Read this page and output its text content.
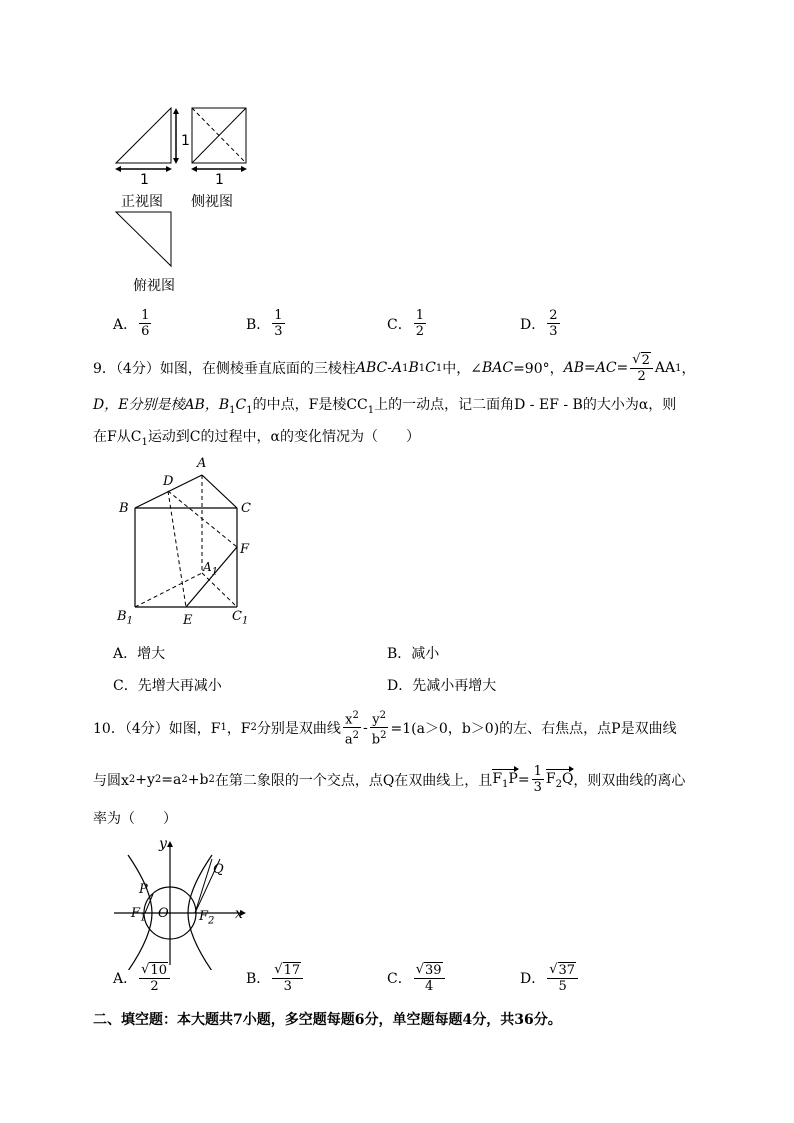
1
1
1
正视图 侧视图
俯视图
A． $\frac{1}{6}$	B． $\frac{1}{3}$	C． $\frac{1}{2}$	D． $\frac{2}{3}$
9．（4分）如图，在侧棱垂直底面的三棱柱 ABC - A 1 B 1 C 1 中，∠ BAC =90°， $AB=AC= \frac{√ 2}{2}$ AA 1 ，
D，E分别是棱AB，$B_1C_1$的中点，F是棱$CC_1$上的一动点，记二面角D - EF - B的大小为α，则
在F从$C_1$运动到C的过程中，α的变化情况为（　　）
A
D
B	C
F
$A_1$
$B_1$	E	$C_1$
A． 增大	B． 减小
C． 先增大再减小	D． 先减小再增大
10．（4分）如图，F 1 ，F 2 分别是双曲线 $\frac{x^2}{a^2} - \frac{y^2}{b^2} =1(a>0$，b＞0)的左、右焦点，点P是双曲线
与圆x 2 +y 2 =a 2 +b 2 在第二象限的一个交点，点Q在双曲线上，且 $F_1P = \frac{1}{3} F_2Q$ ，则双曲线的离心
率为（　　）
y
Q
P
$F_1$ O $F_2$ x
A． $\frac{√ 10}{2}$	B． $\frac{√ 17}{3}$	C． $\frac{√ 39}{4}$	D． $\frac{√ 37}{5}$
二、填空题：本大题共7小题，多空题每题6分，单空题每题4分，共36分。
